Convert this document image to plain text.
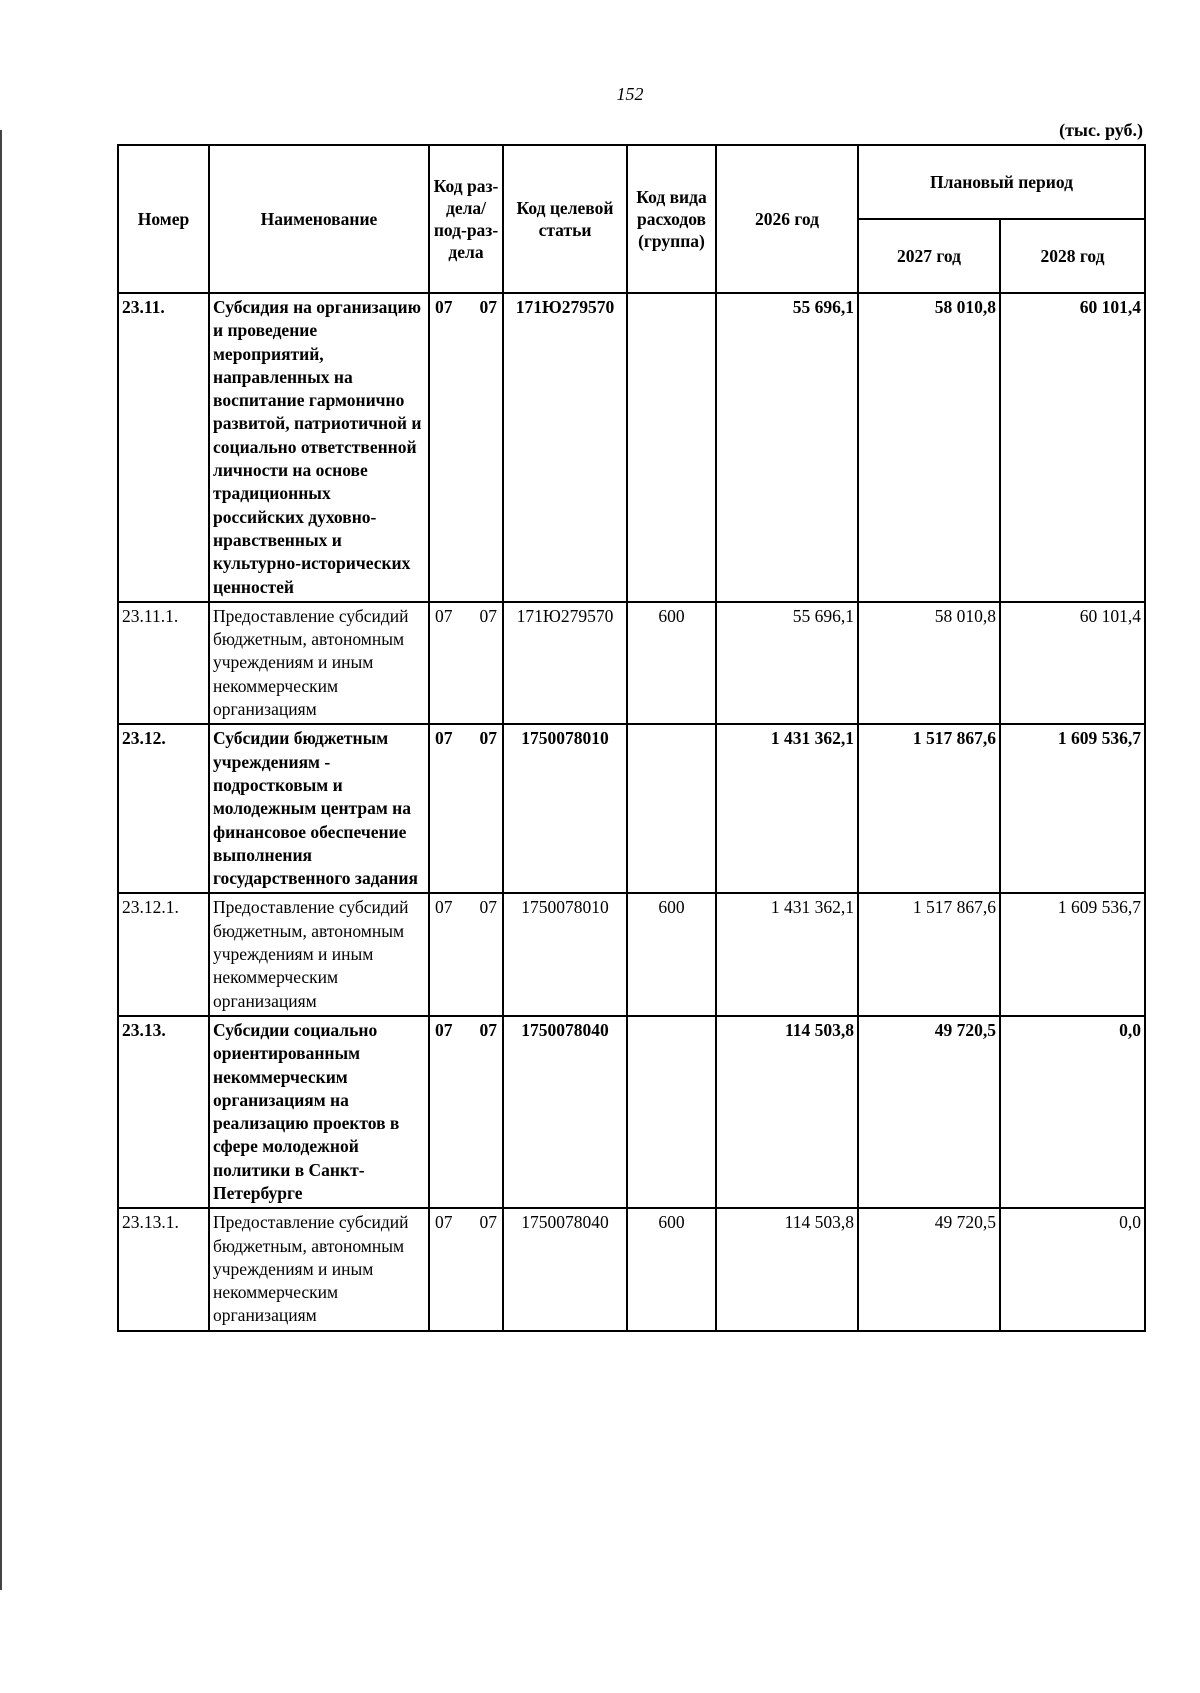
152
(тыс. руб.)
Номер	Наименование	Код раз-дела/ под-раз-дела	Код целевой статьи	Код вида расходов (группа)	2026 год	Плановый период	
						2027 год	2028 год
23.11.	Субсидия на организацию и проведение мероприятий, направленных на воспитание гармонично развитой, патриотичной и социально ответственной личности на основе традиционных российских духовно-нравственных и культурно-исторических ценностей	07 07	171Ю279570		55 696,1	58 010,8	60 101,4
23.11.1.	Предоставление субсидий бюджетным, автономным учреждениям и иным некоммерческим организациям	07 07	171Ю279570	600	55 696,1	58 010,8	60 101,4
23.12.	Субсидии бюджетным учреждениям - подростковым и молодежным центрам на финансовое обеспечение выполнения государственного задания	07 07	1750078010		1 431 362,1	1 517 867,6	1 609 536,7
23.12.1.	Предоставление субсидий бюджетным, автономным учреждениям и иным некоммерческим организациям	07 07	1750078010	600	1 431 362,1	1 517 867,6	1 609 536,7
23.13.	Субсидии социально ориентированным некоммерческим организациям на реализацию проектов в сфере молодежной политики в Санкт-Петербурге	07 07	1750078040		114 503,8	49 720,5	0,0
23.13.1.	Предоставление субсидий бюджетным, автономным учреждениям и иным некоммерческим организациям	07 07	1750078040	600	114 503,8	49 720,5	0,0
